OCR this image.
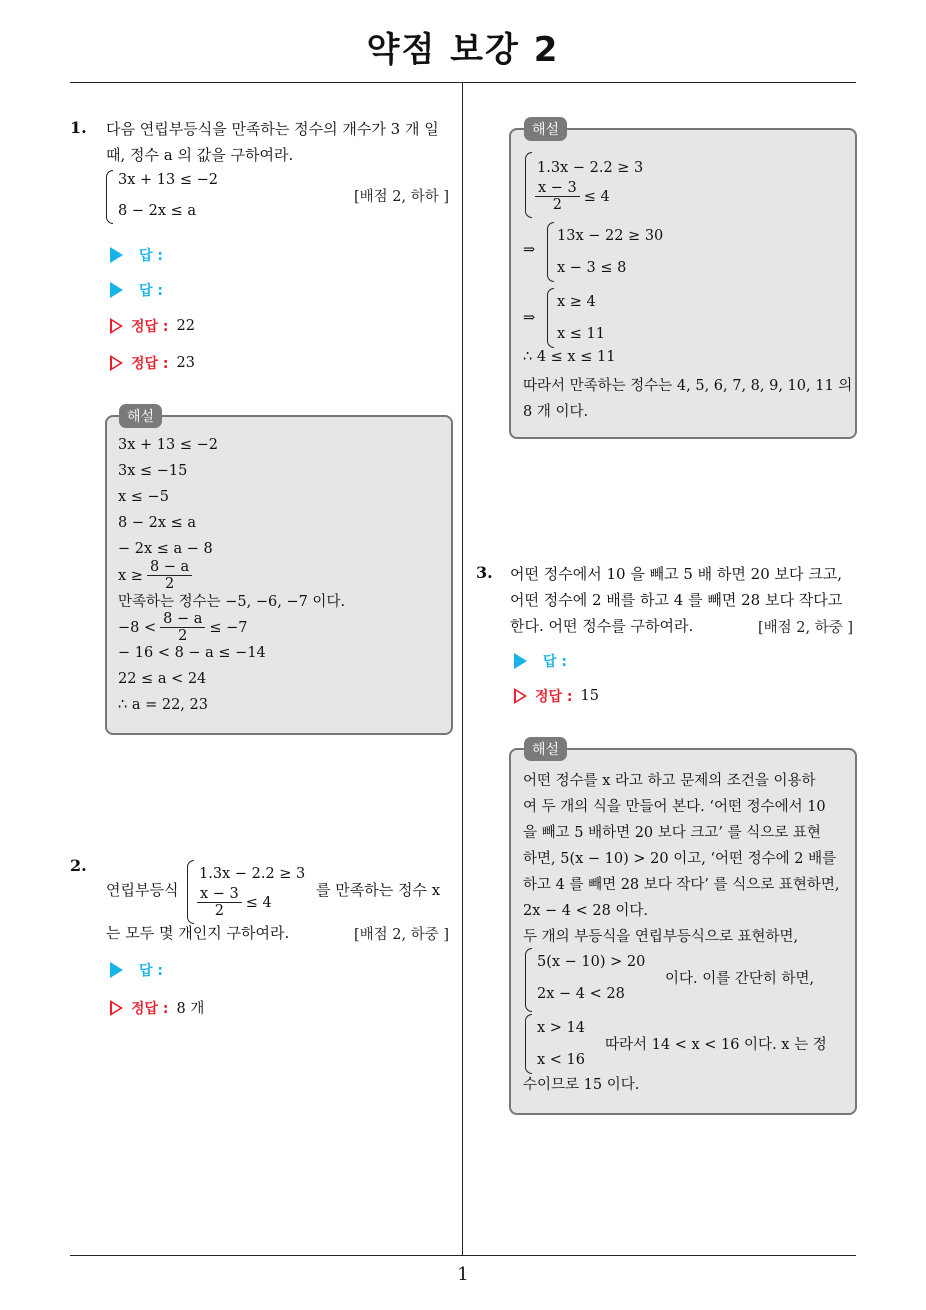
약점 보강 2
1
1. 다음 연립부등식을 만족하는 정수의 개수가 3 개 일
때, 정수 a 의 값을 구하여라.
3x + 13 ≤ −2
8 − 2x ≤ a
[배점 2, 하하 ]
답 :
답 :
정답 : 22
정답 : 23
3x + 13 ≤ −2
3x ≤ −15
x ≤ −5
8 − 2x ≤ a
− 2x ≤ a − 8
$x \ge \frac{8 - a}{2}$
만족하는 정수는 −5, −6, −7 이다.
$-8 < \frac{8 - a}{2} \le -7$
− 16 < 8 − a ≤ −14
22 ≤ a < 24
∴ a = 22, 23
해설
2.
연립부등식
1.3x − 2.2 ≥ 3
$\frac{x - 3}{2} \le 4$
를 만족하는 정수 x
는 모두 몇 개인지 구하여라.	[배점 2, 하중 ]
답 :
정답 : 8 개
1.3x − 2.2 ≥ 3
$\frac{x - 3}{2} \le 4$
⇒
13x − 22 ≥ 30
x − 3 ≤ 8
⇒
x ≥ 4
x ≤ 11
∴ 4 ≤ x ≤ 11
따라서 만족하는 정수는 4, 5, 6, 7, 8, 9, 10, 11 의
8 개 이다.
해설
3. 어떤 정수에서 10 을 빼고 5 배 하면 20 보다 크고,
어떤 정수에 2 배를 하고 4 를 빼면 28 보다 작다고
한다. 어떤 정수를 구하여라.	[배점 2, 하중 ]
답 :
정답 : 15
어떤 정수를 x 라고 하고 문제의 조건을 이용하
여 두 개의 식을 만들어 본다. ‘어떤 정수에서 10
을 빼고 5 배하면 20 보다 크고’ 를 식으로 표현
하면, 5(x − 10) > 20 이고, ‘어떤 정수에 2 배를
하고 4 를 빼면 28 보다 작다’ 를 식으로 표현하면,
2x − 4 < 28 이다.
두 개의 부등식을 연립부등식으로 표현하면,
5(x − 10) > 20
2x − 4 < 28
이다. 이를 간단히 하면,
x > 14
x < 16
따라서 14 < x < 16 이다. x 는 정
수이므로 15 이다.
해설
